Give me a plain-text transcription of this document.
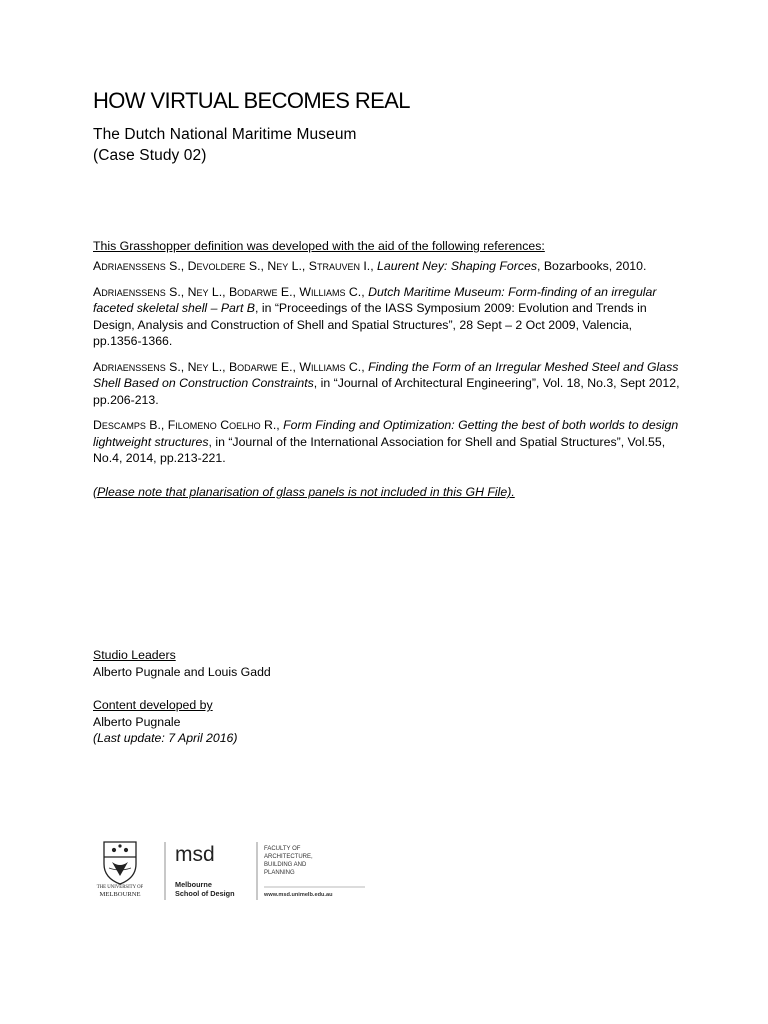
HOW VIRTUAL BECOMES REAL
The Dutch National Maritime Museum
(Case Study 02)
This Grasshopper definition was developed with the aid of the following references:

Adriaenssens S., Devoldere S., Ney L., Strauven I., Laurent Ney: Shaping Forces, Bozarbooks, 2010.

Adriaenssens S., Ney L., Bodarwe E., Williams C., Dutch Maritime Museum: Form-finding of an irregular faceted skeletal shell – Part B, in “Proceedings of the IASS Symposium 2009: Evolution and Trends in Design, Analysis and Construction of Shell and Spatial Structures”, 28 Sept – 2 Oct 2009, Valencia, pp.1356-1366.

Adriaenssens S., Ney L., Bodarwe E., Williams C., Finding the Form of an Irregular Meshed Steel and Glass Shell Based on Construction Constraints, in “Journal of Architectural Engineering”, Vol. 18, No.3, Sept 2012, pp.206-213.

Descamps B., Filomeno Coelho R., Form Finding and Optimization: Getting the best of both worlds to design lightweight structures, in “Journal of the International Association for Shell and Spatial Structures”, Vol.55, No.4, 2014, pp.213-221.

(Please note that planarisation of glass panels is not included in this GH File).
Studio Leaders
Alberto Pugnale and Louis Gadd
Content developed by
Alberto Pugnale
(Last update: 7 April 2016)
THE UNIVERSITY OF
MELBOURNE
msd
Melbourne
School of Design
FACULTY OF
ARCHITECTURE,
BUILDING AND
PLANNING
www.msd.unimelb.edu.au
